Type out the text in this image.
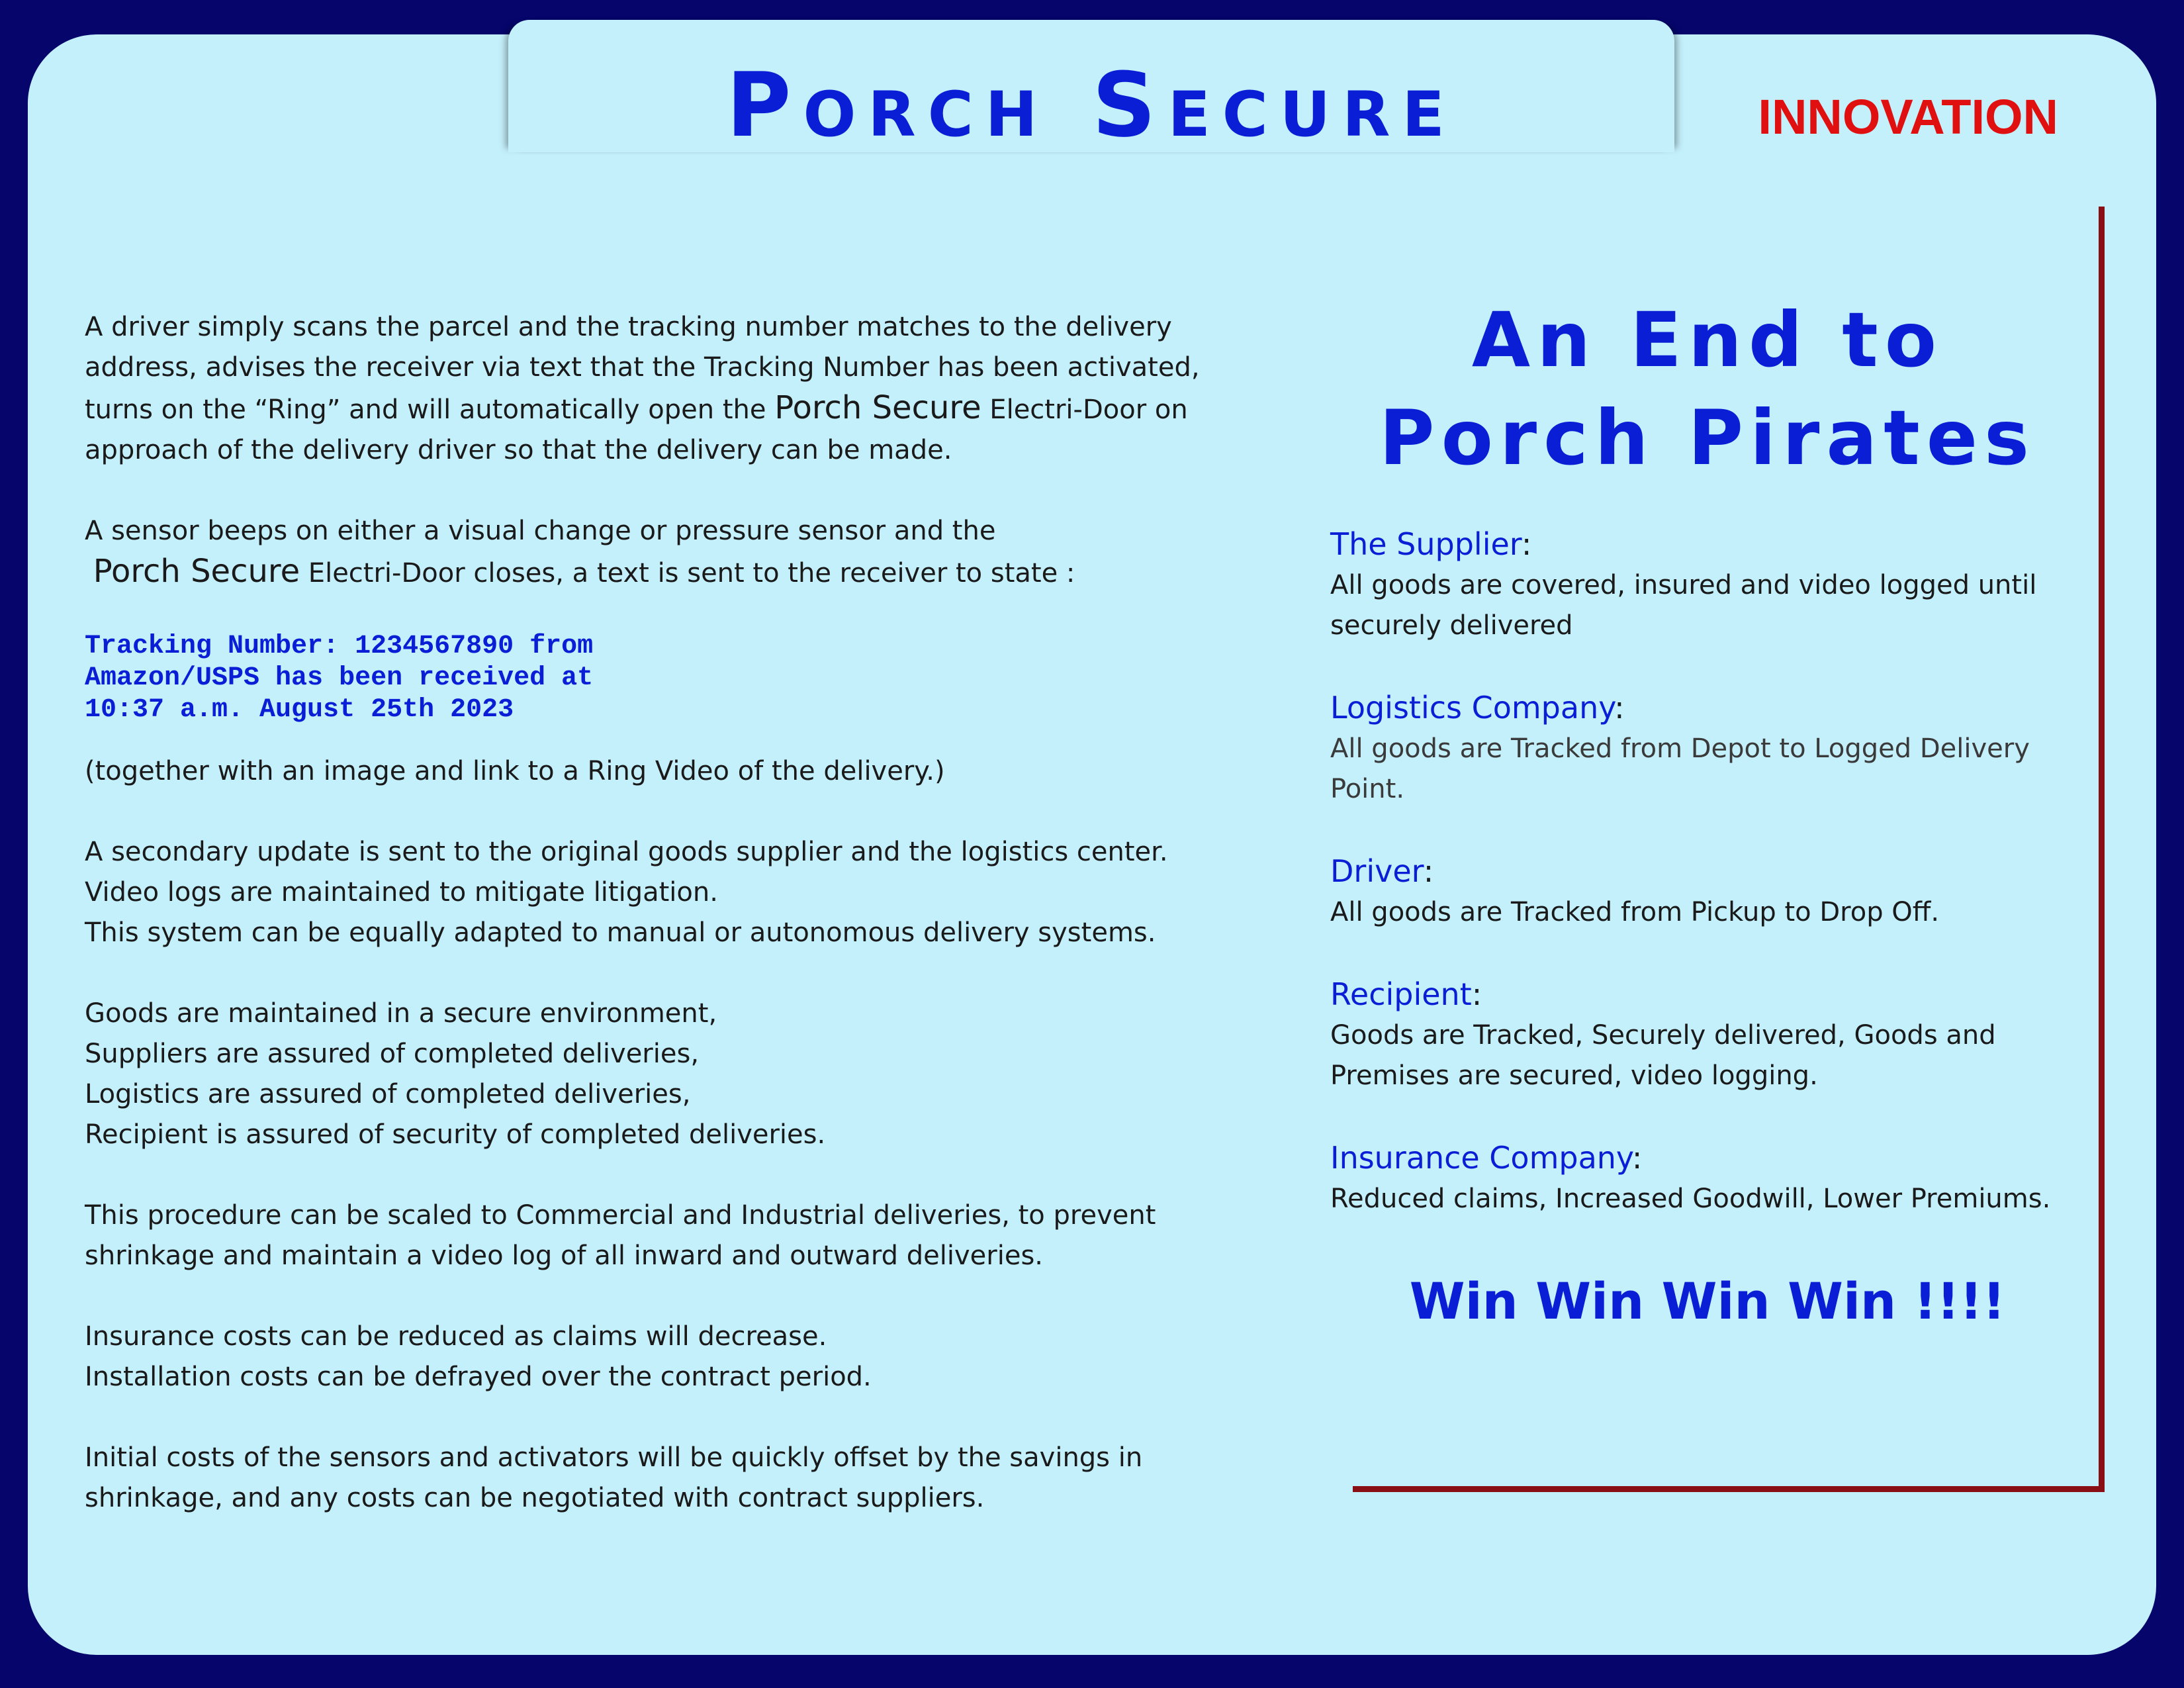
Porch Secure	INNOVATION

A driver simply scans the parcel and the tracking number matches to the delivery address, advises the receiver via text that the Tracking Number has been activated, turns on the “Ring” and will automatically open the Porch Secure Electri-Door on approach of the delivery driver so that the delivery can be made.

A sensor beeps on either a visual change or pressure sensor and the
Porch Secure Electri-Door closes, a text is sent to the receiver to state :

Tracking Number: 1234567890 from
Amazon/USPS has been received at
10:37 a.m. August 25th 2023

(together with an image and link to a Ring Video of the delivery.)

A secondary update is sent to the original goods supplier and the logistics center.
Video logs are maintained to mitigate litigation.
This system can be equally adapted to manual or autonomous delivery systems.

Goods are maintained in a secure environment,
Suppliers are assured of completed deliveries,
Logistics are assured of completed deliveries,
Recipient is assured of security of completed deliveries.

This procedure can be scaled to Commercial and Industrial deliveries, to prevent shrinkage and maintain a video log of all inward and outward deliveries.

Insurance costs can be reduced as claims will decrease.
Installation costs can be defrayed over the contract period.

Initial costs of the sensors and activators will be quickly offset by the savings in shrinkage, and any costs can be negotiated with contract suppliers.

An End to
Porch Pirates

The Supplier:

All goods are covered, insured and video logged until securely delivered

Logistics Company:

All goods are Tracked from Depot to Logged Delivery Point.

Driver:

All goods are Tracked from Pickup to Drop Off.

Recipient:

Goods are Tracked, Securely delivered, Goods and Premises are secured, video logging.

Insurance Company:

Reduced claims, Increased Goodwill, Lower Premiums.

Win Win Win Win !!!!
